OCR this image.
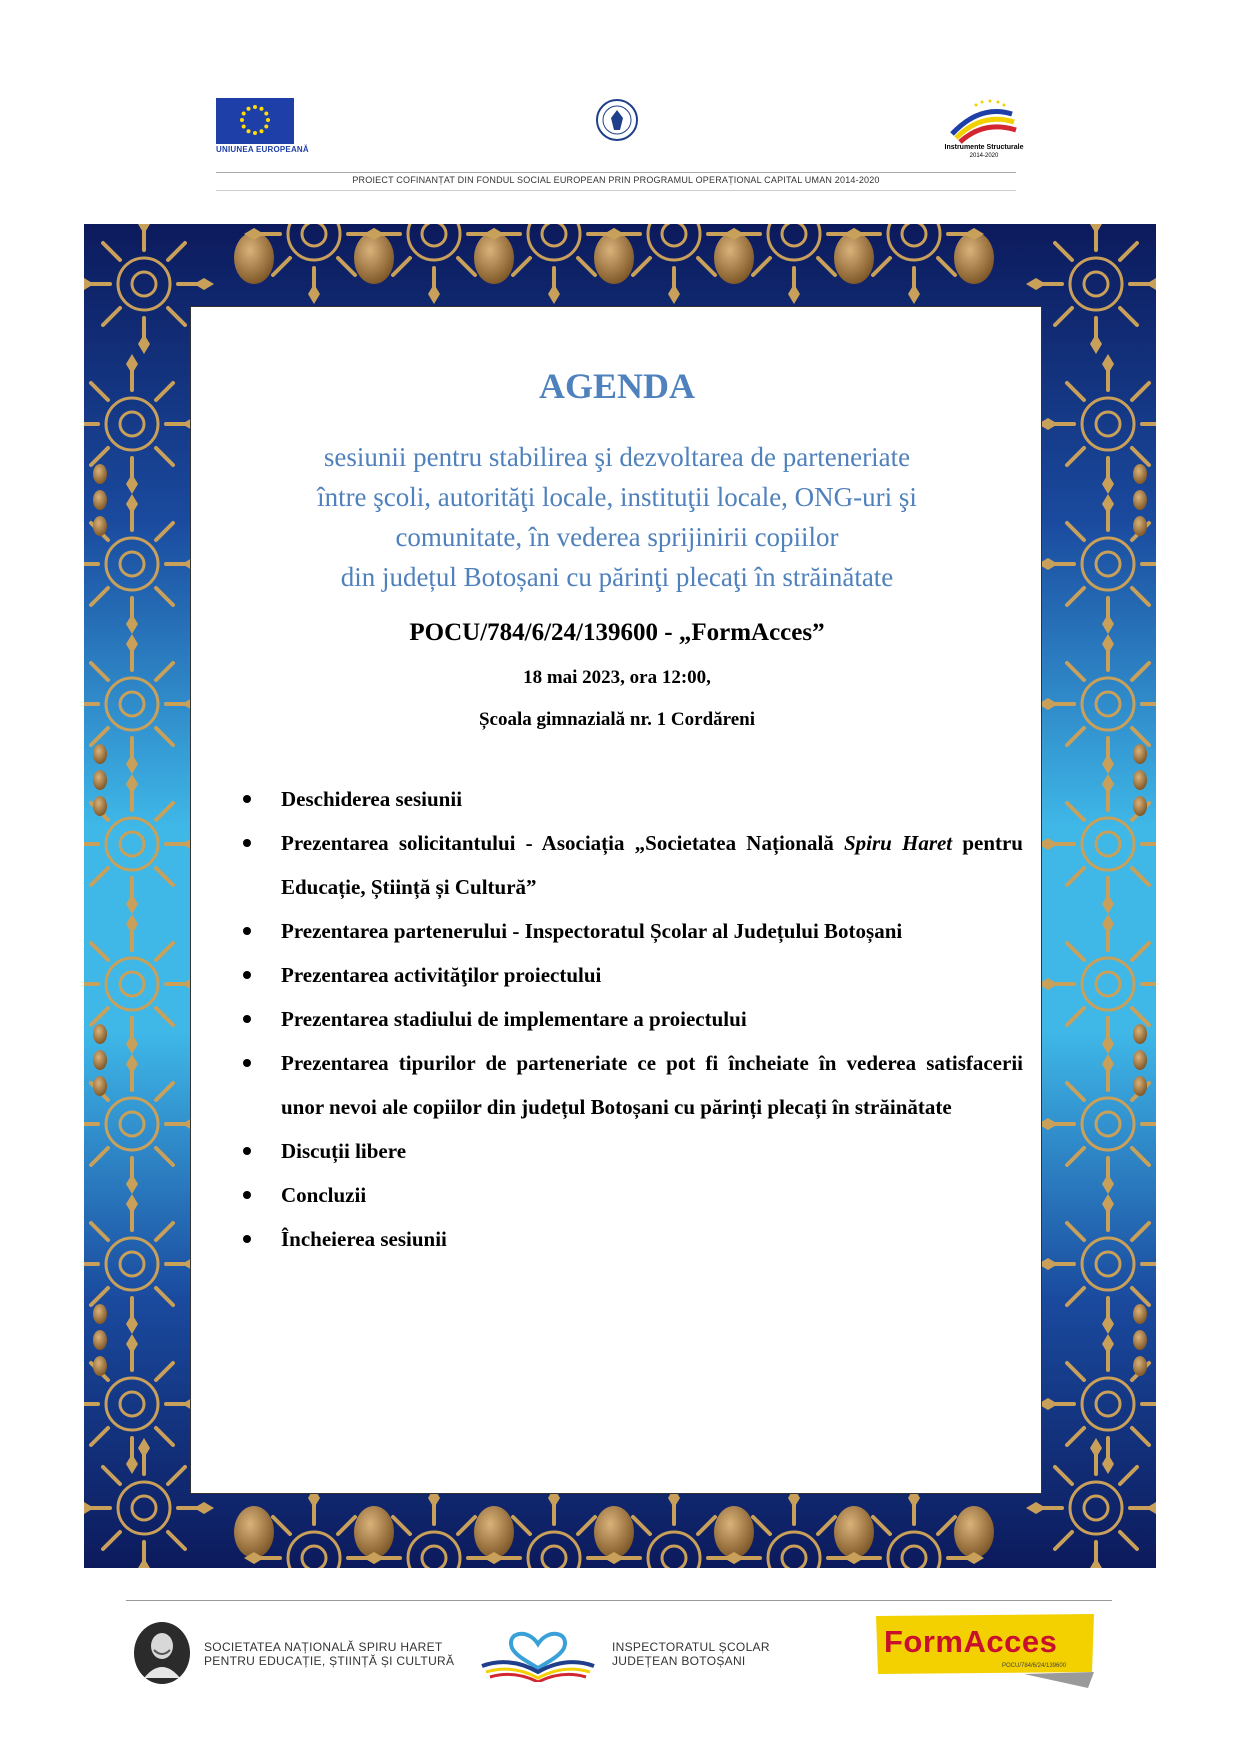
UNIUNEA EUROPEANĂ	Instrumente Structurale
2014-2020
PROIECT COFINANȚAT DIN FONDUL SOCIAL EUROPEAN PRIN PROGRAMUL OPERAȚIONAL CAPITAL UMAN 2014-2020
AGENDA
sesiunii pentru stabilirea şi dezvoltarea de parteneriate
între şcoli, autorităţi locale, instituţii locale, ONG-uri şi
comunitate, în vederea sprijinirii copiilor
din județul Botoșani cu părinţi plecaţi în străinătate
POCU/784/6/24/139600 - „FormAcces”
18 mai 2023, ora 12:00,
Școala gimnazială nr. 1 Cordăreni
Deschiderea sesiunii
Prezentarea solicitantului - Asociația „Societatea Națională Spiru Haret pentru Educație, Știință și Cultură”
Prezentarea partenerului - Inspectoratul Școlar al Județului Botoșani
Prezentarea activităţilor proiectului
Prezentarea stadiului de implementare a proiectului
Prezentarea tipurilor de parteneriate ce pot fi încheiate în vederea satisfacerii unor nevoi ale copiilor din județul Botoșani cu părinți plecați în străinătate
Discuții libere
Concluzii
Încheierea sesiunii
SOCIETATEA NAȚIONALĂ SPIRU HARET
PENTRU EDUCAȚIE, ȘTIINȚĂ ȘI CULTURĂ
INSPECTORATUL ȘCOLAR
JUDEȚEAN BOTOȘANI
FormAcces
POCU/784/6/24/139600
